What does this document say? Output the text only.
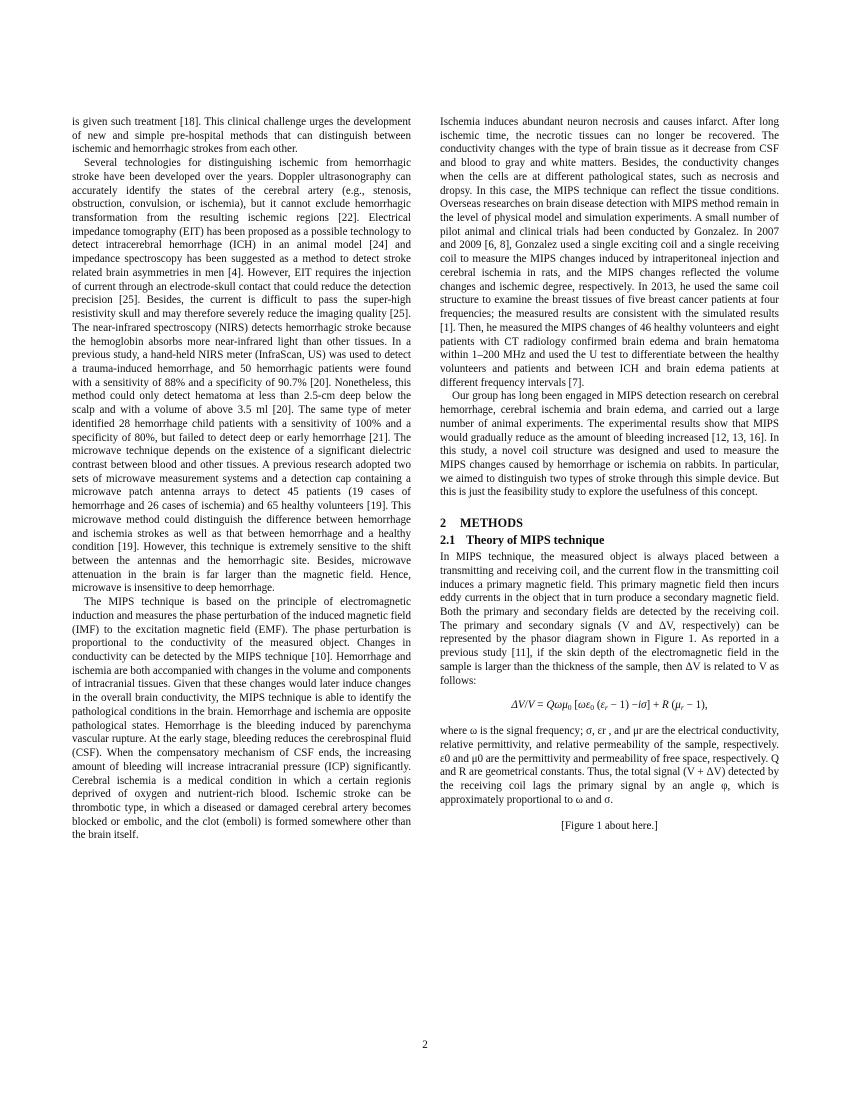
is given such treatment [18]. This clinical challenge urges the development of new and simple pre-hospital methods that can distinguish between ischemic and hemorrhagic strokes from each other.

Several technologies for distinguishing ischemic from hemorrhagic stroke have been developed over the years. Doppler ultrasonography can accurately identify the states of the cerebral artery (e.g., stenosis, obstruction, convulsion, or ischemia), but it cannot exclude hemorrhagic transformation from the resulting ischemic regions [22]. Electrical impedance tomography (EIT) has been proposed as a possible technology to detect intracerebral hemorrhage (ICH) in an animal model [24] and impedance spectroscopy has been suggested as a method to detect stroke related brain asymmetries in men [4]. However, EIT requires the injection of current through an electrode-skull contact that could reduce the detection precision [25]. Besides, the current is difficult to pass the super-high resistivity skull and may therefore severely reduce the imaging quality [25]. The near-infrared spectroscopy (NIRS) detects hemorrhagic stroke because the hemoglobin absorbs more near-infrared light than other tissues. In a previous study, a hand-held NIRS meter (InfraScan, US) was used to detect a trauma-induced hemorrhage, and 50 hemorrhagic patients were found with a sensitivity of 88% and a specificity of 90.7% [20]. Nonetheless, this method could only detect hematoma at less than 2.5-cm deep below the scalp and with a volume of above 3.5 ml [20]. The same type of meter identified 28 hemorrhage child patients with a sensitivity of 100% and a specificity of 80%, but failed to detect deep or early hemorrhage [21]. The microwave technique depends on the existence of a significant dielectric contrast between blood and other tissues. A previous research adopted two sets of microwave measurement systems and a detection cap containing a microwave patch antenna arrays to detect 45 patients (19 cases of hemorrhage and 26 cases of ischemia) and 65 healthy volunteers [19]. This microwave method could distinguish the difference between hemorrhage and ischemia strokes as well as that between hemorrhage and a healthy condition [19]. However, this technique is extremely sensitive to the shift between the antennas and the hemorrhagic site. Besides, microwave attenuation in the brain is far larger than the magnetic field. Hence, microwave is insensitive to deep hemorrhage.

The MIPS technique is based on the principle of electromagnetic induction and measures the phase perturbation of the induced magnetic field (IMF) to the excitation magnetic field (EMF). The phase perturbation is proportional to the conductivity of the measured object. Changes in conductivity can be detected by the MIPS technique [10]. Hemorrhage and ischemia are both accompanied with changes in the volume and components of intracranial tissues. Given that these changes would later induce changes in the overall brain conductivity, the MIPS technique is able to identify the pathological conditions in the brain. Hemorrhage and ischemia are opposite pathological states. Hemorrhage is the bleeding induced by parenchyma vascular rupture. At the early stage, bleeding reduces the cerebrospinal fluid (CSF). When the compensatory mechanism of CSF ends, the increasing amount of bleeding will increase intracranial pressure (ICP) significantly. Cerebral ischemia is a medical condition in which a certain regionis deprived of oxygen and nutrient-rich blood. Ischemic stroke can be thrombotic type, in which a diseased or damaged cerebral artery becomes blocked or embolic, and the clot (emboli) is formed somewhere other than the brain itself.

Ischemia induces abundant neuron necrosis and causes infarct. After long ischemic time, the necrotic tissues can no longer be recovered. The conductivity changes with the type of brain tissue as it decrease from CSF and blood to gray and white matters. Besides, the conductivity changes when the cells are at different pathological states, such as necrosis and dropsy. In this case, the MIPS technique can reflect the tissue conditions. Overseas researches on brain disease detection with MIPS method remain in the level of physical model and simulation experiments. A small number of pilot animal and clinical trials had been conducted by Gonzalez. In 2007 and 2009 [6, 8], Gonzalez used a single exciting coil and a single receiving coil to measure the MIPS changes induced by intraperitoneal injection and cerebral ischemia in rats, and the MIPS changes reflected the volume changes and ischemic degree, respectively. In 2013, he used the same coil structure to examine the breast tissues of five breast cancer patients at four frequencies; the measured results are consistent with the simulated results [1]. Then, he measured the MIPS changes of 46 healthy volunteers and eight patients with CT radiology confirmed brain edema and brain hematoma within 1–200 MHz and used the U test to differentiate between the healthy volunteers and patients and between ICH and brain edema patients at different frequency intervals [7].

Our group has long been engaged in MIPS detection research on cerebral hemorrhage, cerebral ischemia and brain edema, and carried out a large number of animal experiments. The experimental results show that MIPS would gradually reduce as the amount of bleeding increased [12, 13, 16]. In this study, a novel coil structure was designed and used to measure the MIPS changes caused by hemorrhage or ischemia on rabbits. In particular, we aimed to distinguish two types of stroke through this simple device. But this is just the feasibility study to explore the usefulness of this concept.

2 METHODS
2.1 Theory of MIPS technique

In MIPS technique, the measured object is always placed between a transmitting and receiving coil, and the current flow in the transmitting coil induces a primary magnetic field. This primary magnetic field then incurs eddy currents in the object that in turn produce a secondary magnetic field. Both the primary and secondary fields are detected by the receiving coil. The primary and secondary signals (V and ΔV, respectively) can be represented by the phasor diagram shown in Figure 1. As reported in a previous study [11], if the skin depth of the electromagnetic field in the sample is larger than the thickness of the sample, then ΔV is related to V as follows:

ΔV/V = Qωμ0 [ωε0 $(\varepsilon_r - 1) -i\sigma] + R$ $(\mu_r - 1)$,

where ω is the signal frequency; σ, εr , and μr are the electrical conductivity, relative permittivity, and relative permeability of the sample, respectively. ε0 and μ0 are the permittivity and permeability of free space, respectively. Q and R are geometrical constants. Thus, the total signal (V + ΔV) detected by the receiving coil lags the primary signal by an angle φ, which is approximately proportional to ω and σ.

[Figure 1 about here.]

2
